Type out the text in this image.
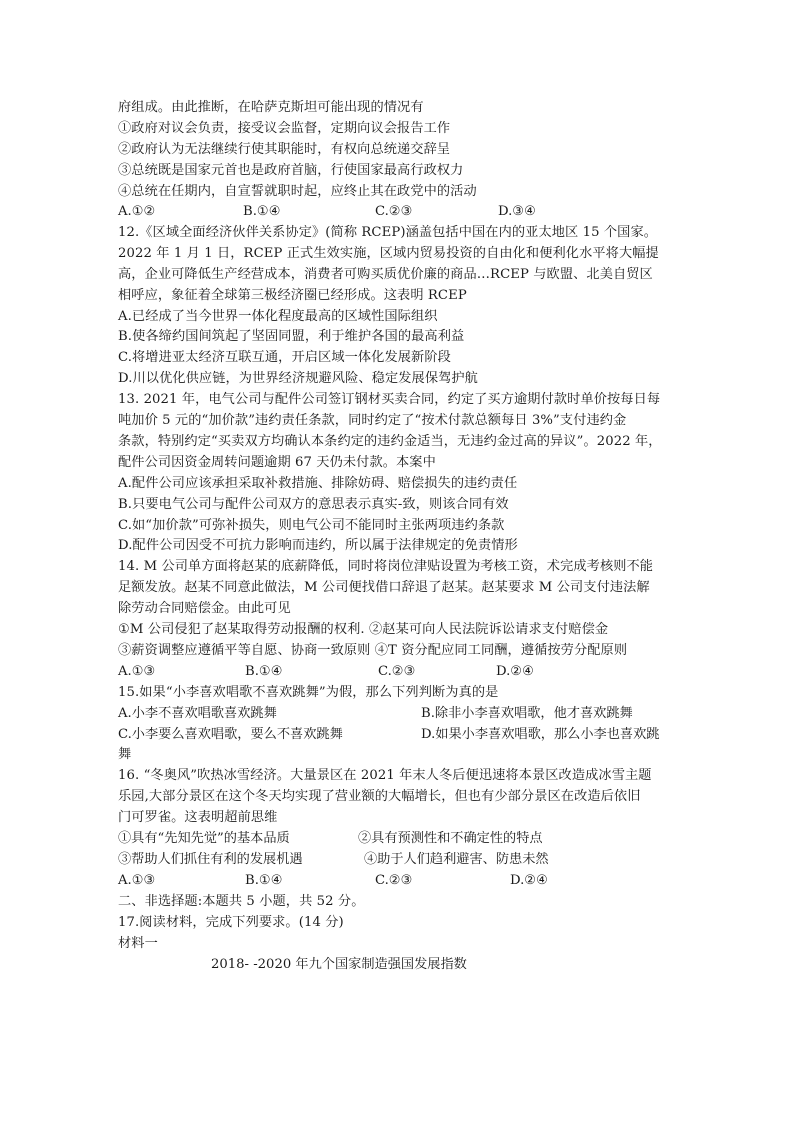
府组成。由此推断，在哈萨克斯坦可能出现的情况有
①政府对议会负责，接受议会监督，定期向议会报告工作
②政府认为无法继续行使其职能时，有权向总统递交辞呈
③总统既是国家元首也是政府首脑，行使国家最高行政权力
④总统在任期内，自宣誓就职时起，应终止其在政党中的活动
A.①②	B.①④	C.②③	D.③④
12.《区域全面经济伙伴关系协定》(简称 RCEP)涵盖包括中国在内的亚太地区 15 个国家。
2022 年 1 月 1 日，RCEP 正式生效实施，区域内贸易投资的自由化和便利化水平将大幅提
高，企业可降低生产经营成本，消费者可购买质优价廉的商品…RCEP 与欧盟、北美自贸区
相呼应，象征着全球第三极经济圈已经形成。这表明 RCEP
A.已经成了当今世界一体化程度最高的区域性国际组织
B.使各缔约国间筑起了坚固同盟，利于维护各国的最高利益
C.将增进亚太经济互联互通，开启区域一体化发展新阶段
D.川以优化供应链，为世界经济规避风险、稳定发展保驾护航
13. 2021 年，电气公司与配件公司签订钢材买卖合同，约定了买方逾期付款时单价按每日每
吨加价 5 元的“加价款”违约责任条款，同时约定了“按术付款总额每日 3%”支付违约金
条款，特别约定“买卖双方均确认本条约定的违约金适当，无违约金过高的异议”。2022 年，
配件公司因资金周转问题逾期 67 天仍未付款。本案中
A.配件公司应该承担采取补救措施、排除妨碍、赔偿损失的违约责任
B.只要电气公司与配件公司双方的意思表示真实-致，则该合同有效
C.如“加价款”可弥补损失，则电气公司不能同时主张两项违约条款
D.配件公司因受不可抗力影响而违约，所以属于法律规定的免责情形
14. M 公司单方面将赵某的底薪降低，同时将岗位津贴设置为考核工资，术完成考核则不能
足额发放。赵某不同意此做法，M 公司便找借口辞退了赵某。赵某要求 M 公司支付违法解
除劳动合同赔偿金。由此可见
①M 公司侵犯了赵某取得劳动报酬的权利. ②赵某可向人民法院诉讼请求支付赔偿金
③薪资调整应遵循平等自愿、协商一致原则 ④T 资分配应同工同酬，遵循按劳分配原则
A.①③	B.①④	C.②③	D.②④
15.如果“小李喜欢唱歌不喜欢跳舞”为假，那么下列判断为真的是
A.小李不喜欢唱歌喜欢跳舞	B.除非小李喜欢唱歌，他才喜欢跳舞
C.小李要么喜欢唱歌，要么不喜欢跳舞	D.如果小李喜欢唱歌，那么小李也喜欢跳
舞
16. “冬奥风”吹热冰雪经济。大量景区在 2021 年末人冬后便迅速将本景区改造成冰雪主题
乐园,大部分景区在这个冬天均实现了营业额的大幅增长，但也有少部分景区在改造后依旧
门可罗雀。这表明超前思维
①具有“先知先觉”的基本品质	②具有预测性和不确定性的特点
③帮助人们抓住有利的发展机遇	④助于人们趋利避害、防患未然
A.①③	B.①④	C.②③	D.②④
二、非选择题:本题共 5 小题，共 52 分。
17.阅读材料，完成下列要求。(14 分)
材料一
2018- -2020 年九个国家制造强国发展指数
